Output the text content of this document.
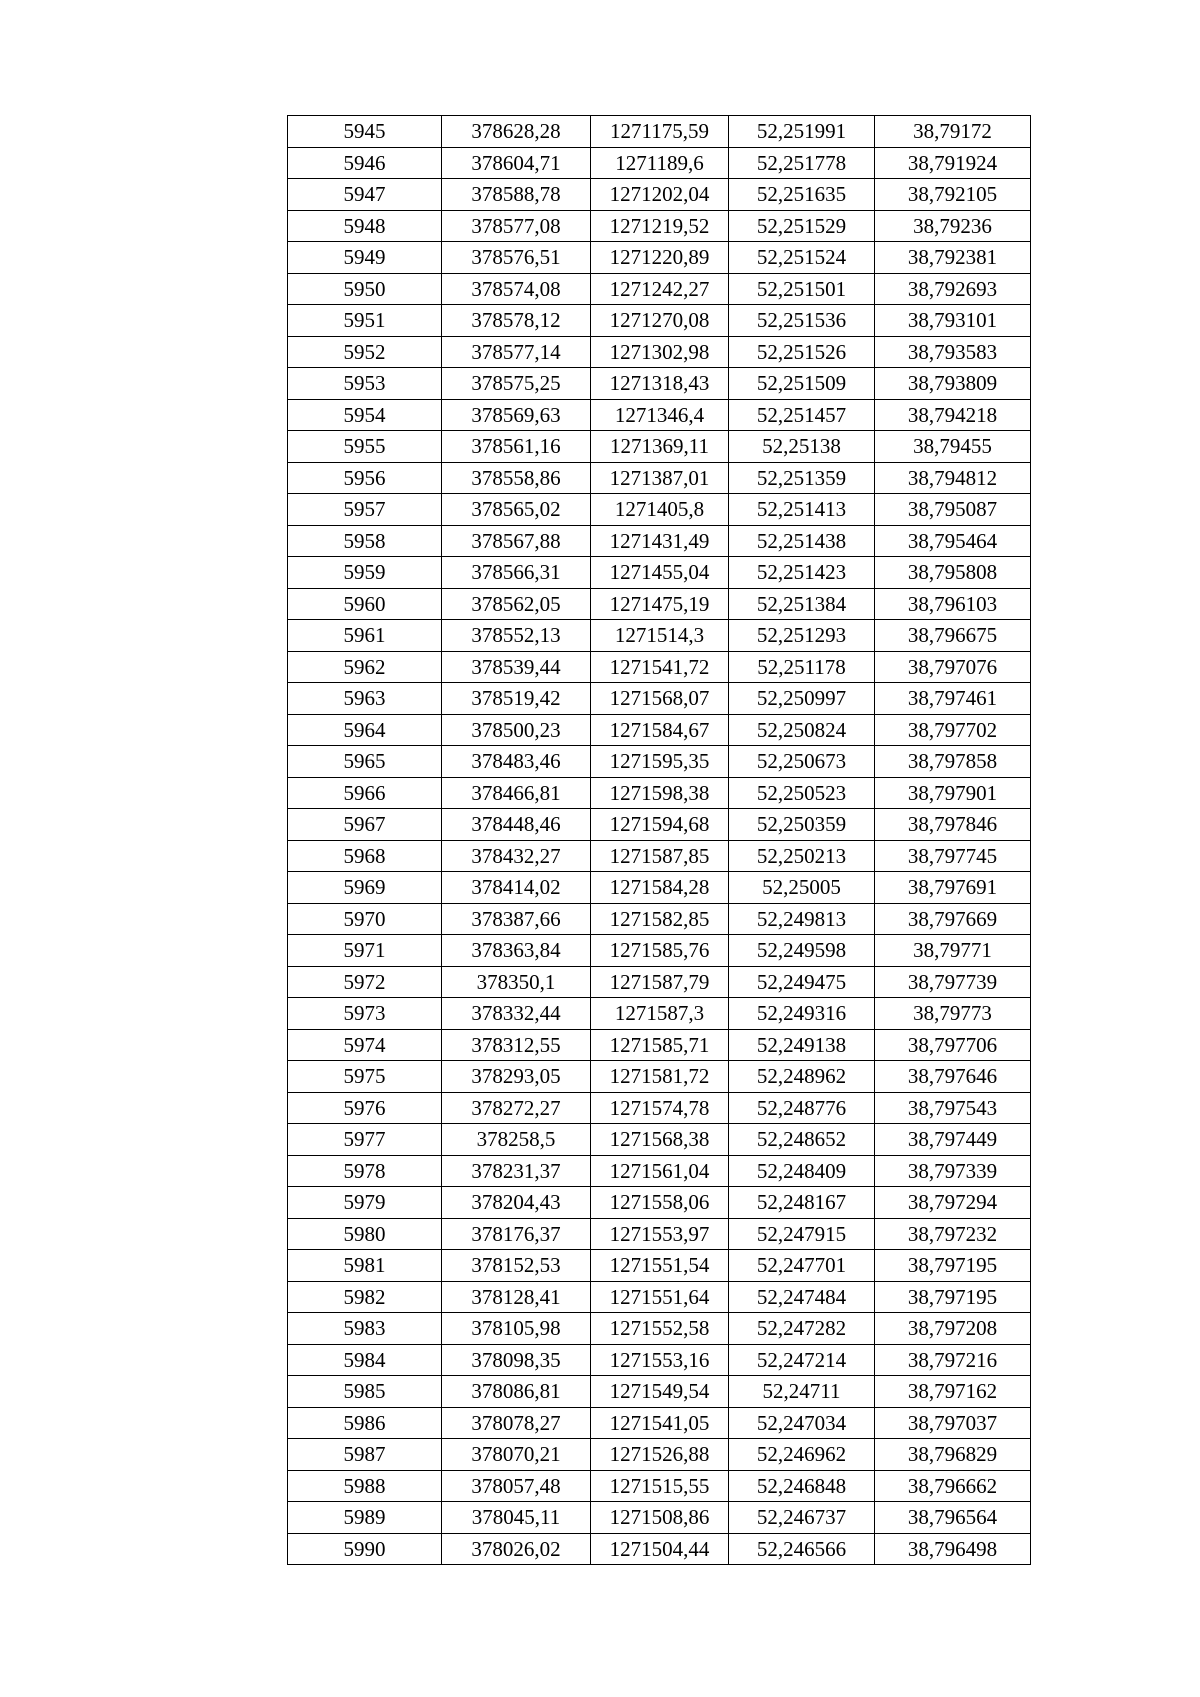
5945	378628,28	1271175,59	52,251991	38,79172
5946	378604,71	1271189,6	52,251778	38,791924
5947	378588,78	1271202,04	52,251635	38,792105
5948	378577,08	1271219,52	52,251529	38,79236
5949	378576,51	1271220,89	52,251524	38,792381
5950	378574,08	1271242,27	52,251501	38,792693
5951	378578,12	1271270,08	52,251536	38,793101
5952	378577,14	1271302,98	52,251526	38,793583
5953	378575,25	1271318,43	52,251509	38,793809
5954	378569,63	1271346,4	52,251457	38,794218
5955	378561,16	1271369,11	52,25138	38,79455
5956	378558,86	1271387,01	52,251359	38,794812
5957	378565,02	1271405,8	52,251413	38,795087
5958	378567,88	1271431,49	52,251438	38,795464
5959	378566,31	1271455,04	52,251423	38,795808
5960	378562,05	1271475,19	52,251384	38,796103
5961	378552,13	1271514,3	52,251293	38,796675
5962	378539,44	1271541,72	52,251178	38,797076
5963	378519,42	1271568,07	52,250997	38,797461
5964	378500,23	1271584,67	52,250824	38,797702
5965	378483,46	1271595,35	52,250673	38,797858
5966	378466,81	1271598,38	52,250523	38,797901
5967	378448,46	1271594,68	52,250359	38,797846
5968	378432,27	1271587,85	52,250213	38,797745
5969	378414,02	1271584,28	52,25005	38,797691
5970	378387,66	1271582,85	52,249813	38,797669
5971	378363,84	1271585,76	52,249598	38,79771
5972	378350,1	1271587,79	52,249475	38,797739
5973	378332,44	1271587,3	52,249316	38,79773
5974	378312,55	1271585,71	52,249138	38,797706
5975	378293,05	1271581,72	52,248962	38,797646
5976	378272,27	1271574,78	52,248776	38,797543
5977	378258,5	1271568,38	52,248652	38,797449
5978	378231,37	1271561,04	52,248409	38,797339
5979	378204,43	1271558,06	52,248167	38,797294
5980	378176,37	1271553,97	52,247915	38,797232
5981	378152,53	1271551,54	52,247701	38,797195
5982	378128,41	1271551,64	52,247484	38,797195
5983	378105,98	1271552,58	52,247282	38,797208
5984	378098,35	1271553,16	52,247214	38,797216
5985	378086,81	1271549,54	52,24711	38,797162
5986	378078,27	1271541,05	52,247034	38,797037
5987	378070,21	1271526,88	52,246962	38,796829
5988	378057,48	1271515,55	52,246848	38,796662
5989	378045,11	1271508,86	52,246737	38,796564
5990	378026,02	1271504,44	52,246566	38,796498
